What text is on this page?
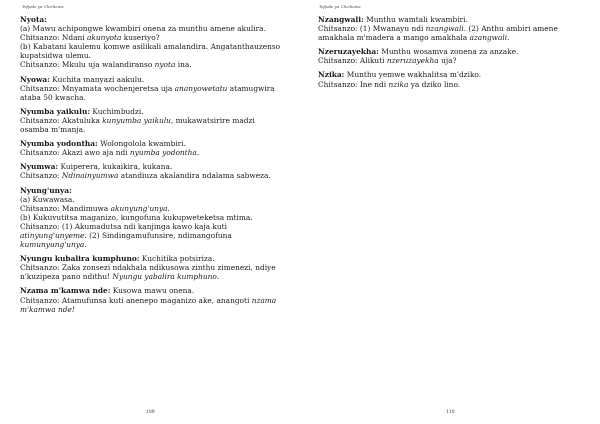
Tsfpale ya Chichewa

Nyota:

(a) Mawu achipongwe kwambiri onena za munthu amene akulira.

Chitsanzo: Ndani akunyota kuseriyo?

(b) Kabatani kaulemu komwe asilikali amalandira. Angatanthauzenso kupatsidwa ulemu.

Chitsanzo: Mkulu uja walandiranso nyota ina.

Nyowa: Kuchita manyazi aakulu.

Chitsanzo: Mnyamata wochenjeretsa uja ananyowetatu atamugwira ataba 50 kwacha.

Nyumba yaikulu: Kuchimbudzi.

Chitsanzo: Akatuluka kunyumba yaikulu, mukawatsirire madzi osamba m'manja.

Nyumba yodontha: Wolongolola kwambiri.

Chitsanzo: Akazi awo aja ndi nyumba yodontha.

Nyumwa: Kuiperera, kukaikira, kukana.

Chitsanzo: Ndinainyumwa atandiuza akalandira ndalama sabweza.

Nyung'unya:

(a) Kuwawasa.

Chitsanzo: Mandimuwa akunyung'unya.

(b) Kukuvutitsa maganizo, kungofuna kukupweteketsa mtima.

Chitsanzo: (1) Akumadutsa ndi kanjinga kawo kaja kuti atinyung'unyeme. (2) Sindingamufunsire, ndimangofuna kumunyung'unya.

Nyungu kubalira kumphuno: Kuchitika potsiriza.

Chitsanzo: Zaka zonsezi ndakhala ndikusowa zinthu zimenezi, ndiye n'kuzipeza pano ndithu! Nyungu yabalira kumphuno.

Nzama m'kamwa nde: Kusowa mawu onena.

Chitsanzo: Atamufunsa kuti anenepo maganizo ake, anangoti nzama m'kamwa nde!

109
Tsfpale ya Chichewa

Nzangwali: Munthu wamtali kwambiri.

Chitsanzo: (1) Mwanayu ndi nzangwali. (2) Anthu ambiri amene amakhala m'madera a mango amakhala azangwali.

Nzeruzayekha: Munthu wosamva zonena za anzake.

Chitsanzo: Alikuti nzeruzayekha uja?

Nzika: Munthu yemwe wakhalitsa m'dziko.

Chitsanzo: Ine ndi nzika ya dziko lino.

110
